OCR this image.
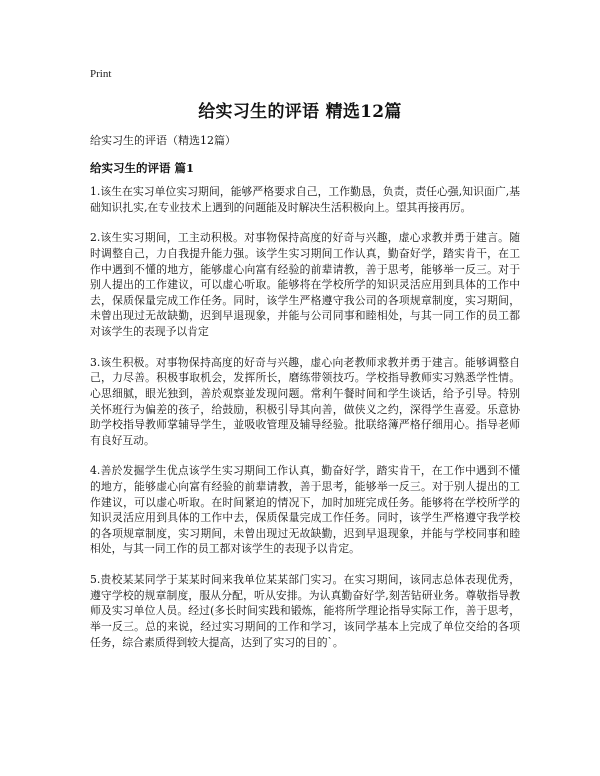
Print
给实习生的评语 精选12篇

给实习生的评语（精选12篇）

给实习生的评语 篇1

1.该生在实习单位实习期间，能够严格要求自己，工作勤恳，负责，责任心强,知识面广,基础知识扎实,在专业技术上遇到的问题能及时解决生活积极向上。望其再接再厉。

2.该生实习期间，工主动积极。对事物保持高度的好奇与兴趣，虚心求教并勇于建言。随时调整自己，力自我提升能力强。该学生实习期间工作认真，勤奋好学，踏实肯干，在工作中遇到不懂的地方，能够虚心向富有经验的前辈请教，善于思考，能够举一反三。对于别人提出的工作建议，可以虚心听取。能够将在学校所学的知识灵活应用到具体的工作中去，保质保量完成工作任务。同时，该学生严格遵守我公司的各项规章制度，实习期间，未曾出现过无故缺勤，迟到早退现象，并能与公司同事和睦相处，与其一同工作的员工都对该学生的表现予以肯定

3.该生积极。对事物保持高度的好奇与兴趣，虚心向老教师求教并勇于建言。能够调整自己，力尽善。积极事取机会，发挥所长，磨练带领技巧。学校指导教师实习熟悉学性情。心思细腻，眼光独到，善於观察並发现问题。常利午餐时间和学生谈话，给予引导。特别关怀班行为偏差的孩子，给鼓励，积极引导其向善，做侠义之约，深得学生喜爱。乐意协助学校指导教师掌辅导学生，並吸收管理及辅导经验。批联络簿严格仔细用心。指导老师有良好互动。

4.善於发掘学生优点该学生实习期间工作认真，勤奋好学，踏实肯干，在工作中遇到不懂的地方，能够虚心向富有经验的前辈请教，善于思考，能够举一反三。对于别人提出的工作建议，可以虚心听取。在时间紧迫的情况下，加时加班完成任务。能够将在学校所学的知识灵活应用到具体的工作中去，保质保量完成工作任务。同时，该学生严格遵守我学校的各项规章制度，实习期间，未曾出现过无故缺勤，迟到早退现象，并能与学校同事和睦相处，与其一同工作的员工都对该学生的表现予以肯定。

5.贵校某某同学于某某时间来我单位某某部门实习。在实习期间，该同志总体表现优秀，遵守学校的规章制度，服从分配，听从安排。为认真勤奋好学,刻苦钻研业务。尊敬指导教师及实习单位人员。经过(多长时间实践和锻炼，能将所学理论指导实际工作，善于思考，举一反三。总的来说，经过实习期间的工作和学习，该同学基本上完成了单位交给的各项任务，综合素质得到较大提高，达到了实习的目的`。
